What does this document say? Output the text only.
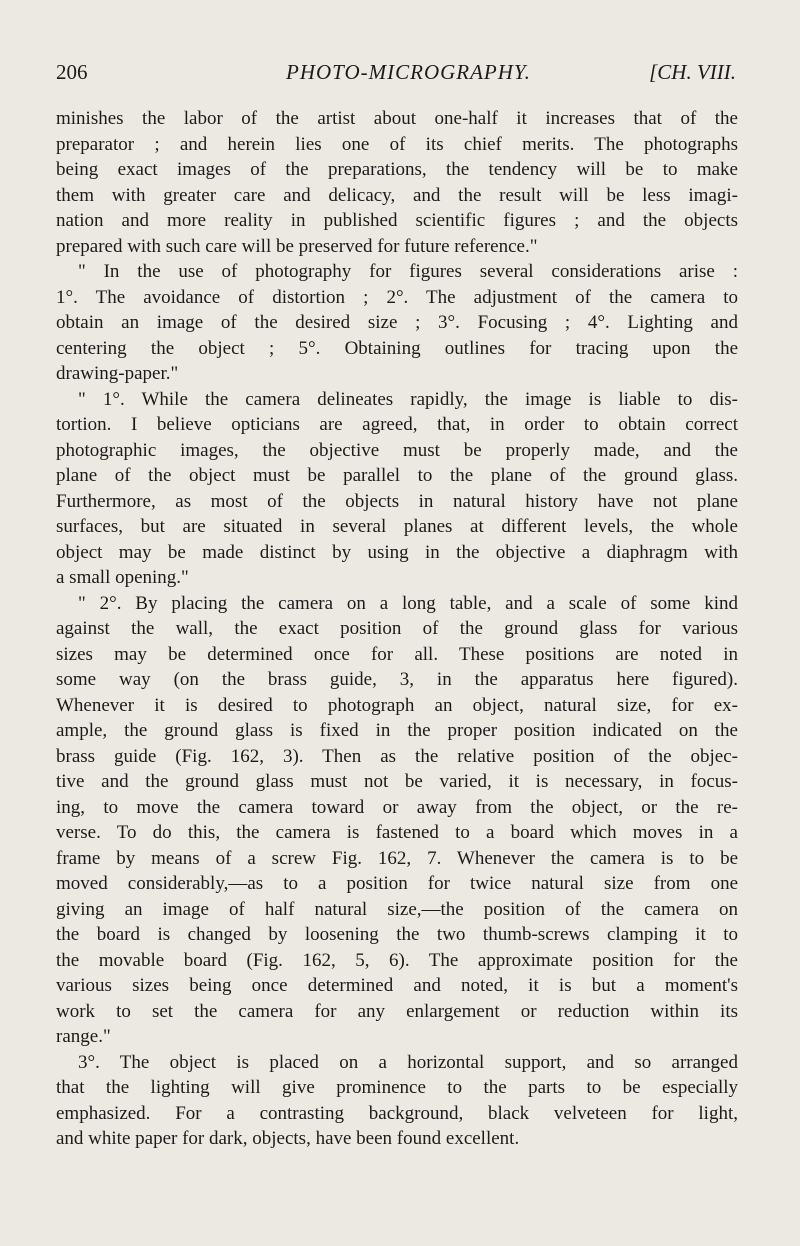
206	PHOTO-MICROGRAPHY.	[CH. VIII.
minishes the labor of the artist about one-half it increases that of the
preparator ; and herein lies one of its chief merits. The photographs
being exact images of the preparations, the tendency will be to make
them with greater care and delicacy, and the result will be less imagi-
nation and more reality in published scientific figures ; and the objects
prepared with such care will be preserved for future reference."
" In the use of photography for figures several considerations arise :
1°. The avoidance of distortion ; 2°. The adjustment of the camera to
obtain an image of the desired size ; 3°. Focusing ; 4°. Lighting and
centering the object ; 5°. Obtaining outlines for tracing upon the
drawing-paper."
" 1°. While the camera delineates rapidly, the image is liable to dis-
tortion. I believe opticians are agreed, that, in order to obtain correct
photographic images, the objective must be properly made, and the
plane of the object must be parallel to the plane of the ground glass.
Furthermore, as most of the objects in natural history have not plane
surfaces, but are situated in several planes at different levels, the whole
object may be made distinct by using in the objective a diaphragm with
a small opening."
" 2°. By placing the camera on a long table, and a scale of some kind
against the wall, the exact position of the ground glass for various
sizes may be determined once for all. These positions are noted in
some way (on the brass guide, 3, in the apparatus here figured).
Whenever it is desired to photograph an object, natural size, for ex-
ample, the ground glass is fixed in the proper position indicated on the
brass guide (Fig. 162, 3). Then as the relative position of the objec-
tive and the ground glass must not be varied, it is necessary, in focus-
ing, to move the camera toward or away from the object, or the re-
verse. To do this, the camera is fastened to a board which moves in a
frame by means of a screw Fig. 162, 7. Whenever the camera is to be
moved considerably,—as to a position for twice natural size from one
giving an image of half natural size,—the position of the camera on
the board is changed by loosening the two thumb-screws clamping it to
the movable board (Fig. 162, 5, 6). The approximate position for the
various sizes being once determined and noted, it is but a moment's
work to set the camera for any enlargement or reduction within its
range."
3°. The object is placed on a horizontal support, and so arranged
that the lighting will give prominence to the parts to be especially
emphasized. For a contrasting background, black velveteen for light,
and white paper for dark, objects, have been found excellent.
